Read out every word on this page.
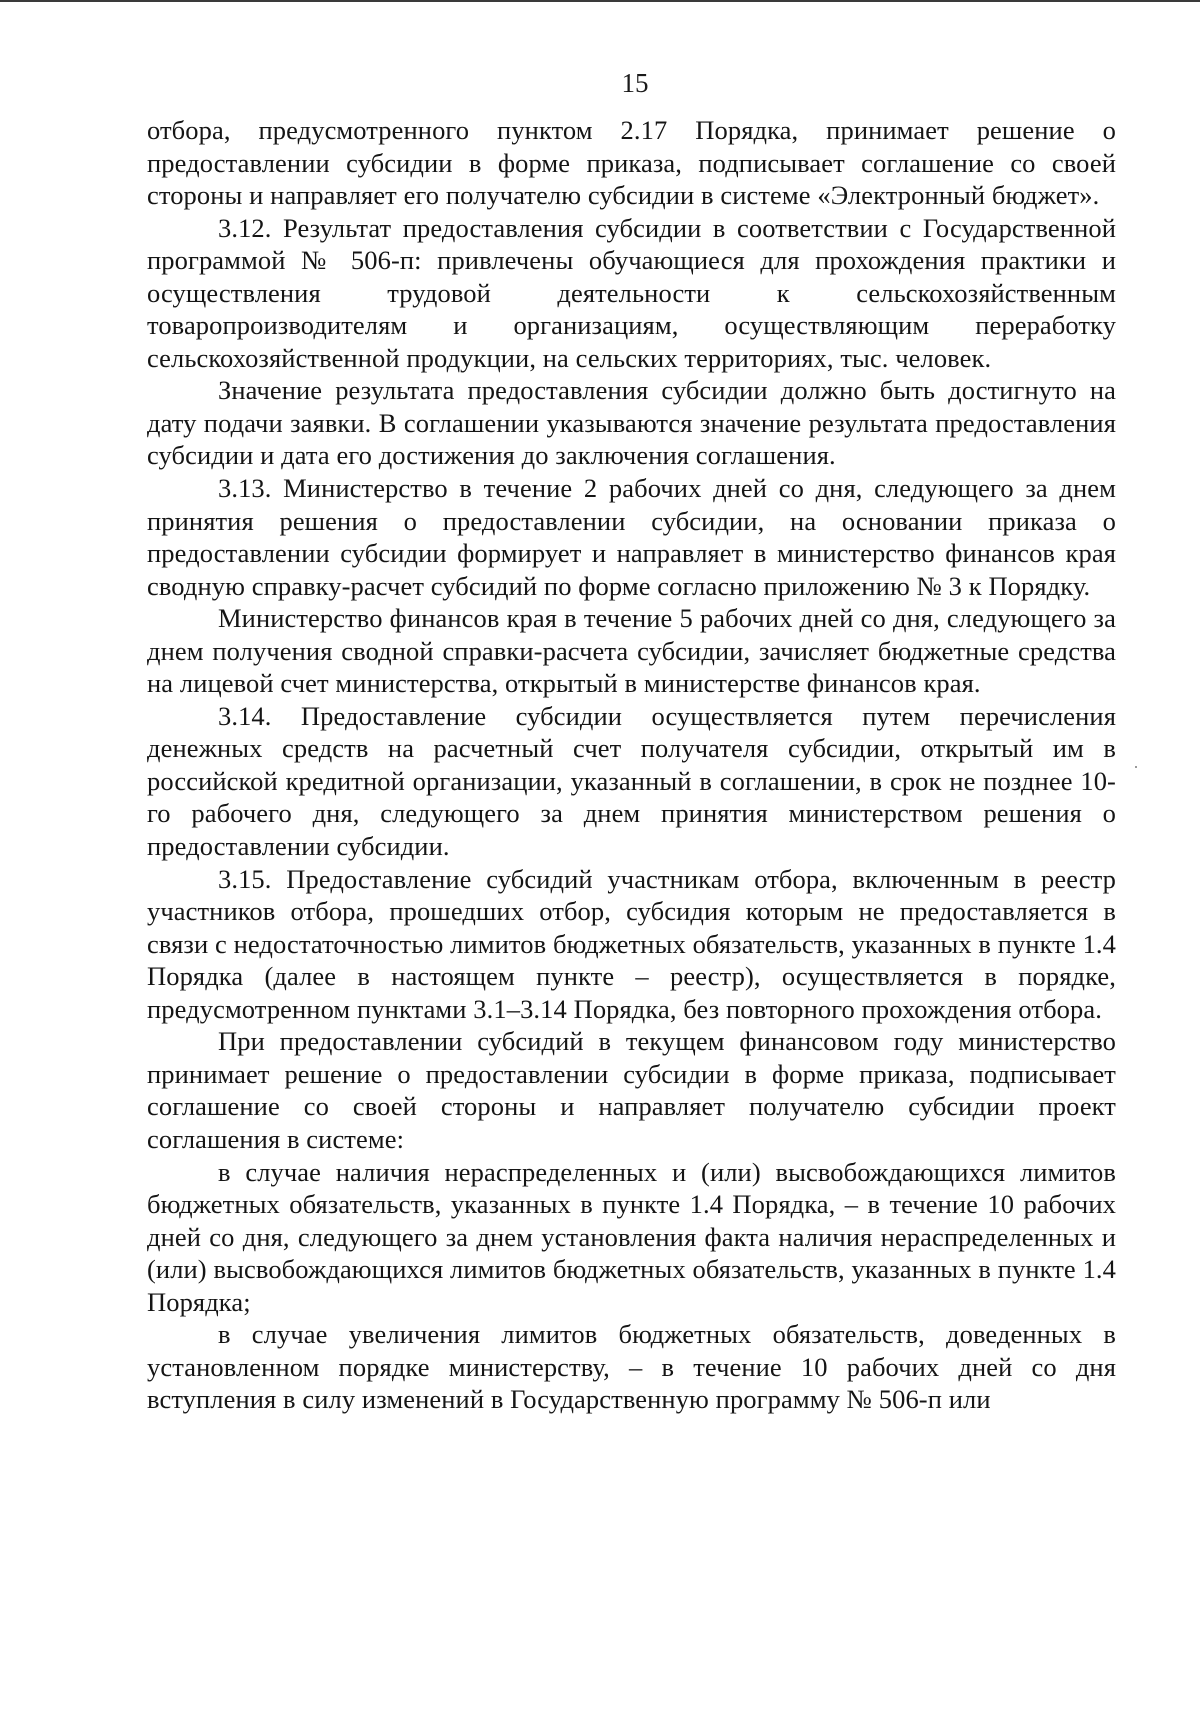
15

отбора, предусмотренного пунктом 2.17 Порядка, принимает решение о предоставлении субсидии в форме приказа, подписывает соглашение со своей стороны и направляет его получателю субсидии в системе «Электронный бюджет».

3.12. Результат предоставления субсидии в соответствии с Государственной программой № 506-п: привлечены обучающиеся для прохождения практики и осуществления трудовой деятельности к сельскохозяйственным товаропроизводителям и организациям, осуществляющим переработку сельскохозяйственной продукции, на сельских территориях, тыс. человек.

Значение результата предоставления субсидии должно быть достигнуто на дату подачи заявки. В соглашении указываются значение результата предоставления субсидии и дата его достижения до заключения соглашения.

3.13. Министерство в течение 2 рабочих дней со дня, следующего за днем принятия решения о предоставлении субсидии, на основании приказа о предоставлении субсидии формирует и направляет в министерство финансов края сводную справку-расчет субсидий по форме согласно приложению № 3 к Порядку.

Министерство финансов края в течение 5 рабочих дней со дня, следующего за днем получения сводной справки-расчета субсидии, зачисляет бюджетные средства на лицевой счет министерства, открытый в министерстве финансов края.

3.14. Предоставление субсидии осуществляется путем перечисления денежных средств на расчетный счет получателя субсидии, открытый им в российской кредитной организации, указанный в соглашении, в срок не позднее 10-го рабочего дня, следующего за днем принятия министерством решения о предоставлении субсидии.

3.15. Предоставление субсидий участникам отбора, включенным в реестр участников отбора, прошедших отбор, субсидия которым не предоставляется в связи с недостаточностью лимитов бюджетных обязательств, указанных в пункте 1.4 Порядка (далее в настоящем пункте – реестр), осуществляется в порядке, предусмотренном пунктами 3.1–3.14 Порядка, без повторного прохождения отбора.

При предоставлении субсидий в текущем финансовом году министерство принимает решение о предоставлении субсидии в форме приказа, подписывает соглашение со своей стороны и направляет получателю субсидии проект соглашения в системе:

в случае наличия нераспределенных и (или) высвобождающихся лимитов бюджетных обязательств, указанных в пункте 1.4 Порядка, – в течение 10 рабочих дней со дня, следующего за днем установления факта наличия нераспределенных и (или) высвобождающихся лимитов бюджетных обязательств, указанных в пункте 1.4 Порядка;

в случае увеличения лимитов бюджетных обязательств, доведенных в установленном порядке министерству, – в течение 10 рабочих дней со дня вступления в силу изменений в Государственную программу № 506-п или
